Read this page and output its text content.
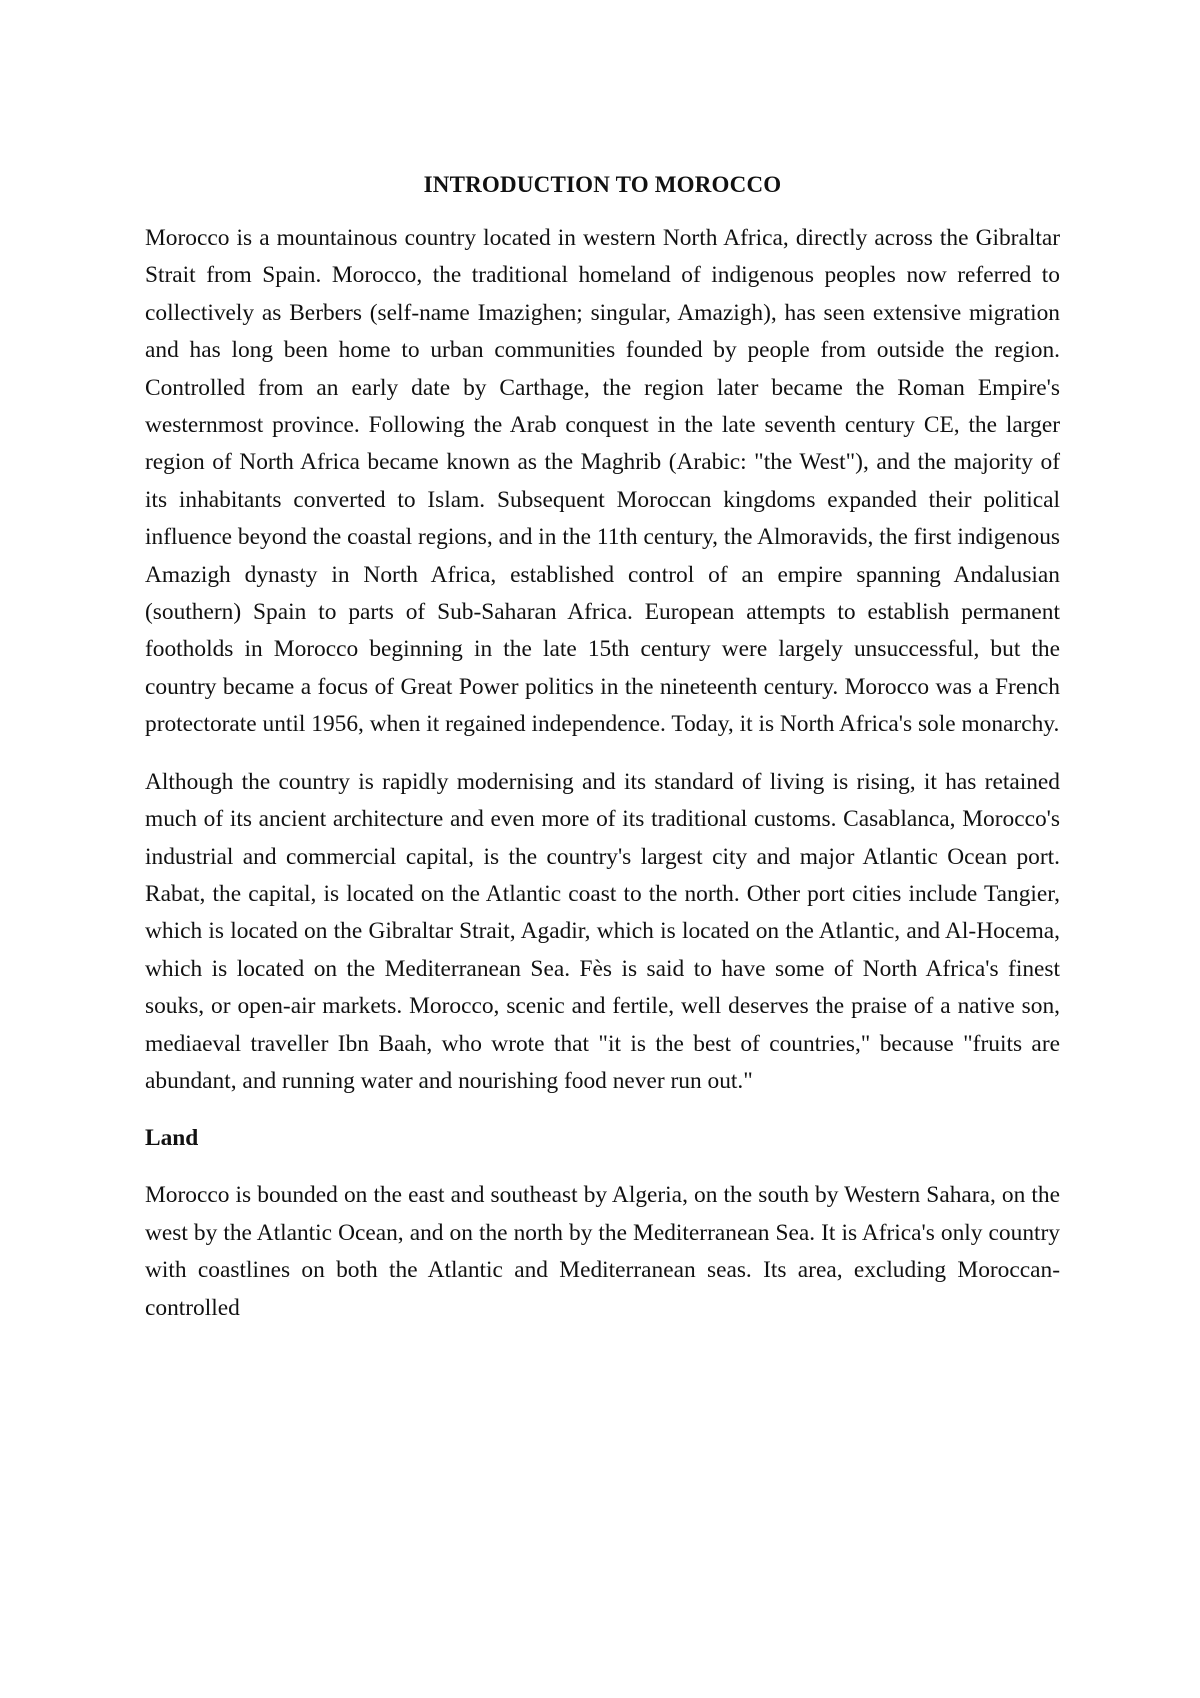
INTRODUCTION TO MOROCCO

Morocco is a mountainous country located in western North Africa, directly across the Gibraltar Strait from Spain. Morocco, the traditional homeland of indigenous peoples now referred to collectively as Berbers (self-name Imazighen; singular, Amazigh), has seen extensive migration and has long been home to urban communities founded by people from outside the region. Controlled from an early date by Carthage, the region later became the Roman Empire's westernmost province. Following the Arab conquest in the late seventh century CE, the larger region of North Africa became known as the Maghrib (Arabic: "the West"), and the majority of its inhabitants converted to Islam. Subsequent Moroccan kingdoms expanded their political influence beyond the coastal regions, and in the 11th century, the Almoravids, the first indigenous Amazigh dynasty in North Africa, established control of an empire spanning Andalusian (southern) Spain to parts of Sub-Saharan Africa. European attempts to establish permanent footholds in Morocco beginning in the late 15th century were largely unsuccessful, but the country became a focus of Great Power politics in the nineteenth century. Morocco was a French protectorate until 1956, when it regained independence. Today, it is North Africa's sole monarchy.

Although the country is rapidly modernising and its standard of living is rising, it has retained much of its ancient architecture and even more of its traditional customs. Casablanca, Morocco's industrial and commercial capital, is the country's largest city and major Atlantic Ocean port. Rabat, the capital, is located on the Atlantic coast to the north. Other port cities include Tangier, which is located on the Gibraltar Strait, Agadir, which is located on the Atlantic, and Al-Hocema, which is located on the Mediterranean Sea. Fès is said to have some of North Africa's finest souks, or open-air markets. Morocco, scenic and fertile, well deserves the praise of a native son, mediaeval traveller Ibn Baah, who wrote that "it is the best of countries," because "fruits are abundant, and running water and nourishing food never run out."

Land

Morocco is bounded on the east and southeast by Algeria, on the south by Western Sahara, on the west by the Atlantic Ocean, and on the north by the Mediterranean Sea. It is Africa's only country with coastlines on both the Atlantic and Mediterranean seas. Its area, excluding Moroccan-controlled
